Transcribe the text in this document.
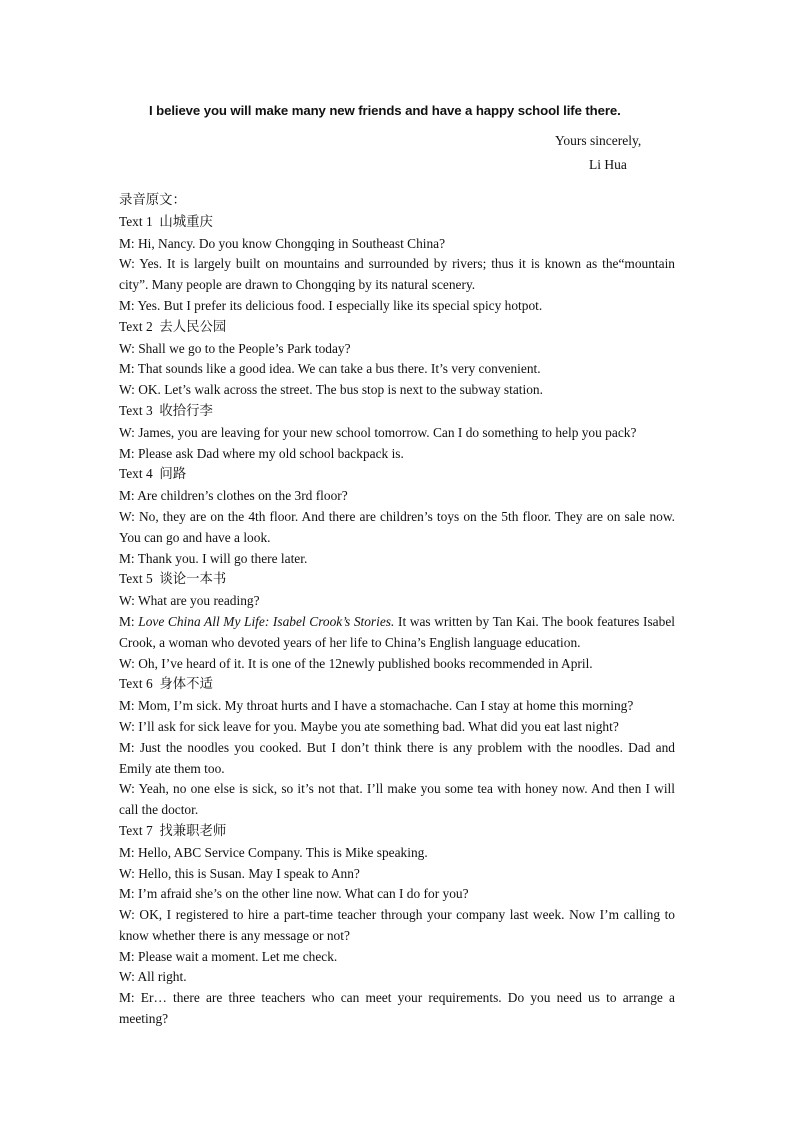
I believe you will make many new friends and have a happy school life there.
Yours sincerely,
Li Hua
录音原文：
Text 1 山城重庆
M: Hi, Nancy. Do you know Chongqing in Southeast China?
W: Yes. It is largely built on mountains and surrounded by rivers; thus it is known as the“mountain city”. Many people are drawn to Chongqing by its natural scenery.
M: Yes. But I prefer its delicious food. I especially like its special spicy hotpot.
Text 2 去人民公园
W: Shall we go to the People’s Park today?
M: That sounds like a good idea. We can take a bus there. It’s very convenient.
W: OK. Let’s walk across the street. The bus stop is next to the subway station.
Text 3 收拾行李
W: James, you are leaving for your new school tomorrow. Can I do something to help you pack?
M: Please ask Dad where my old school backpack is.
Text 4 问路
M: Are children’s clothes on the 3rd floor?
W: No, they are on the 4th floor. And there are children’s toys on the 5th floor. They are on sale now. You can go and have a look.
M: Thank you. I will go there later.
Text 5 谈论一本书
W: What are you reading?
M: Love China All My Life: Isabel Crook’s Stories. It was written by Tan Kai. The book features Isabel Crook, a woman who devoted years of her life to China’s English language education.
W: Oh, I’ve heard of it. It is one of the 12newly published books recommended in April.
Text 6 身体不适
M: Mom, I’m sick. My throat hurts and I have a stomachache. Can I stay at home this morning?
W: I’ll ask for sick leave for you. Maybe you ate something bad. What did you eat last night?
M: Just the noodles you cooked. But I don’t think there is any problem with the noodles. Dad and Emily ate them too.
W: Yeah, no one else is sick, so it’s not that. I’ll make you some tea with honey now. And then I will call the doctor.
Text 7 找兼职老师
M: Hello, ABC Service Company. This is Mike speaking.
W: Hello, this is Susan. May I speak to Ann?
M: I’m afraid she’s on the other line now. What can I do for you?
W: OK, I registered to hire a part-time teacher through your company last week. Now I’m calling to know whether there is any message or not?
M: Please wait a moment. Let me check.
W: All right.
M: Er… there are three teachers who can meet your requirements. Do you need us to arrange a meeting?
